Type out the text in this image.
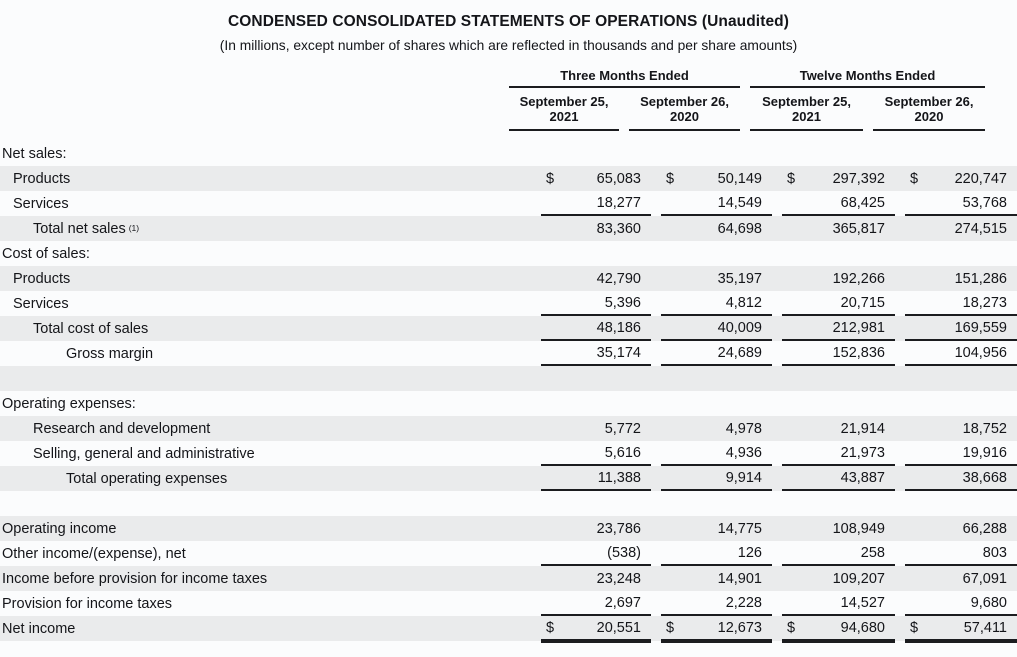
CONDENSED CONSOLIDATED STATEMENTS OF OPERATIONS (Unaudited)
(In millions, except number of shares which are reflected in thousands and per share amounts)
Three Months Ended	Twelve Months Ended
September 25,
2021
September 26,
2020
September 25,
2021
September 26,
2020
Net sales:
Products	$	65,083 $	50,149 $	297,392 $	220,747
Services	18,277	14,549	68,425	53,768
Total net sales (1)	83,360	64,698	365,817	274,515
Cost of sales:
Products	42,790	35,197	192,266	151,286
Services	5,396	4,812	20,715	18,273
Total cost of sales	48,186	40,009	212,981	169,559
Gross margin	35,174	24,689	152,836	104,956
Operating expenses:
Research and development	5,772	4,978	21,914	18,752
Selling, general and administrative	5,616	4,936	21,973	19,916
Total operating expenses	11,388	9,914	43,887	38,668
Operating income	23,786	14,775	108,949	66,288
Other income/(expense), net	(538)	126	258	803
Income before provision for income taxes	23,248	14,901	109,207	67,091
Provision for income taxes	2,697	2,228	14,527	9,680
Net income	$	20,551 $	12,673 $	94,680 $	57,411
